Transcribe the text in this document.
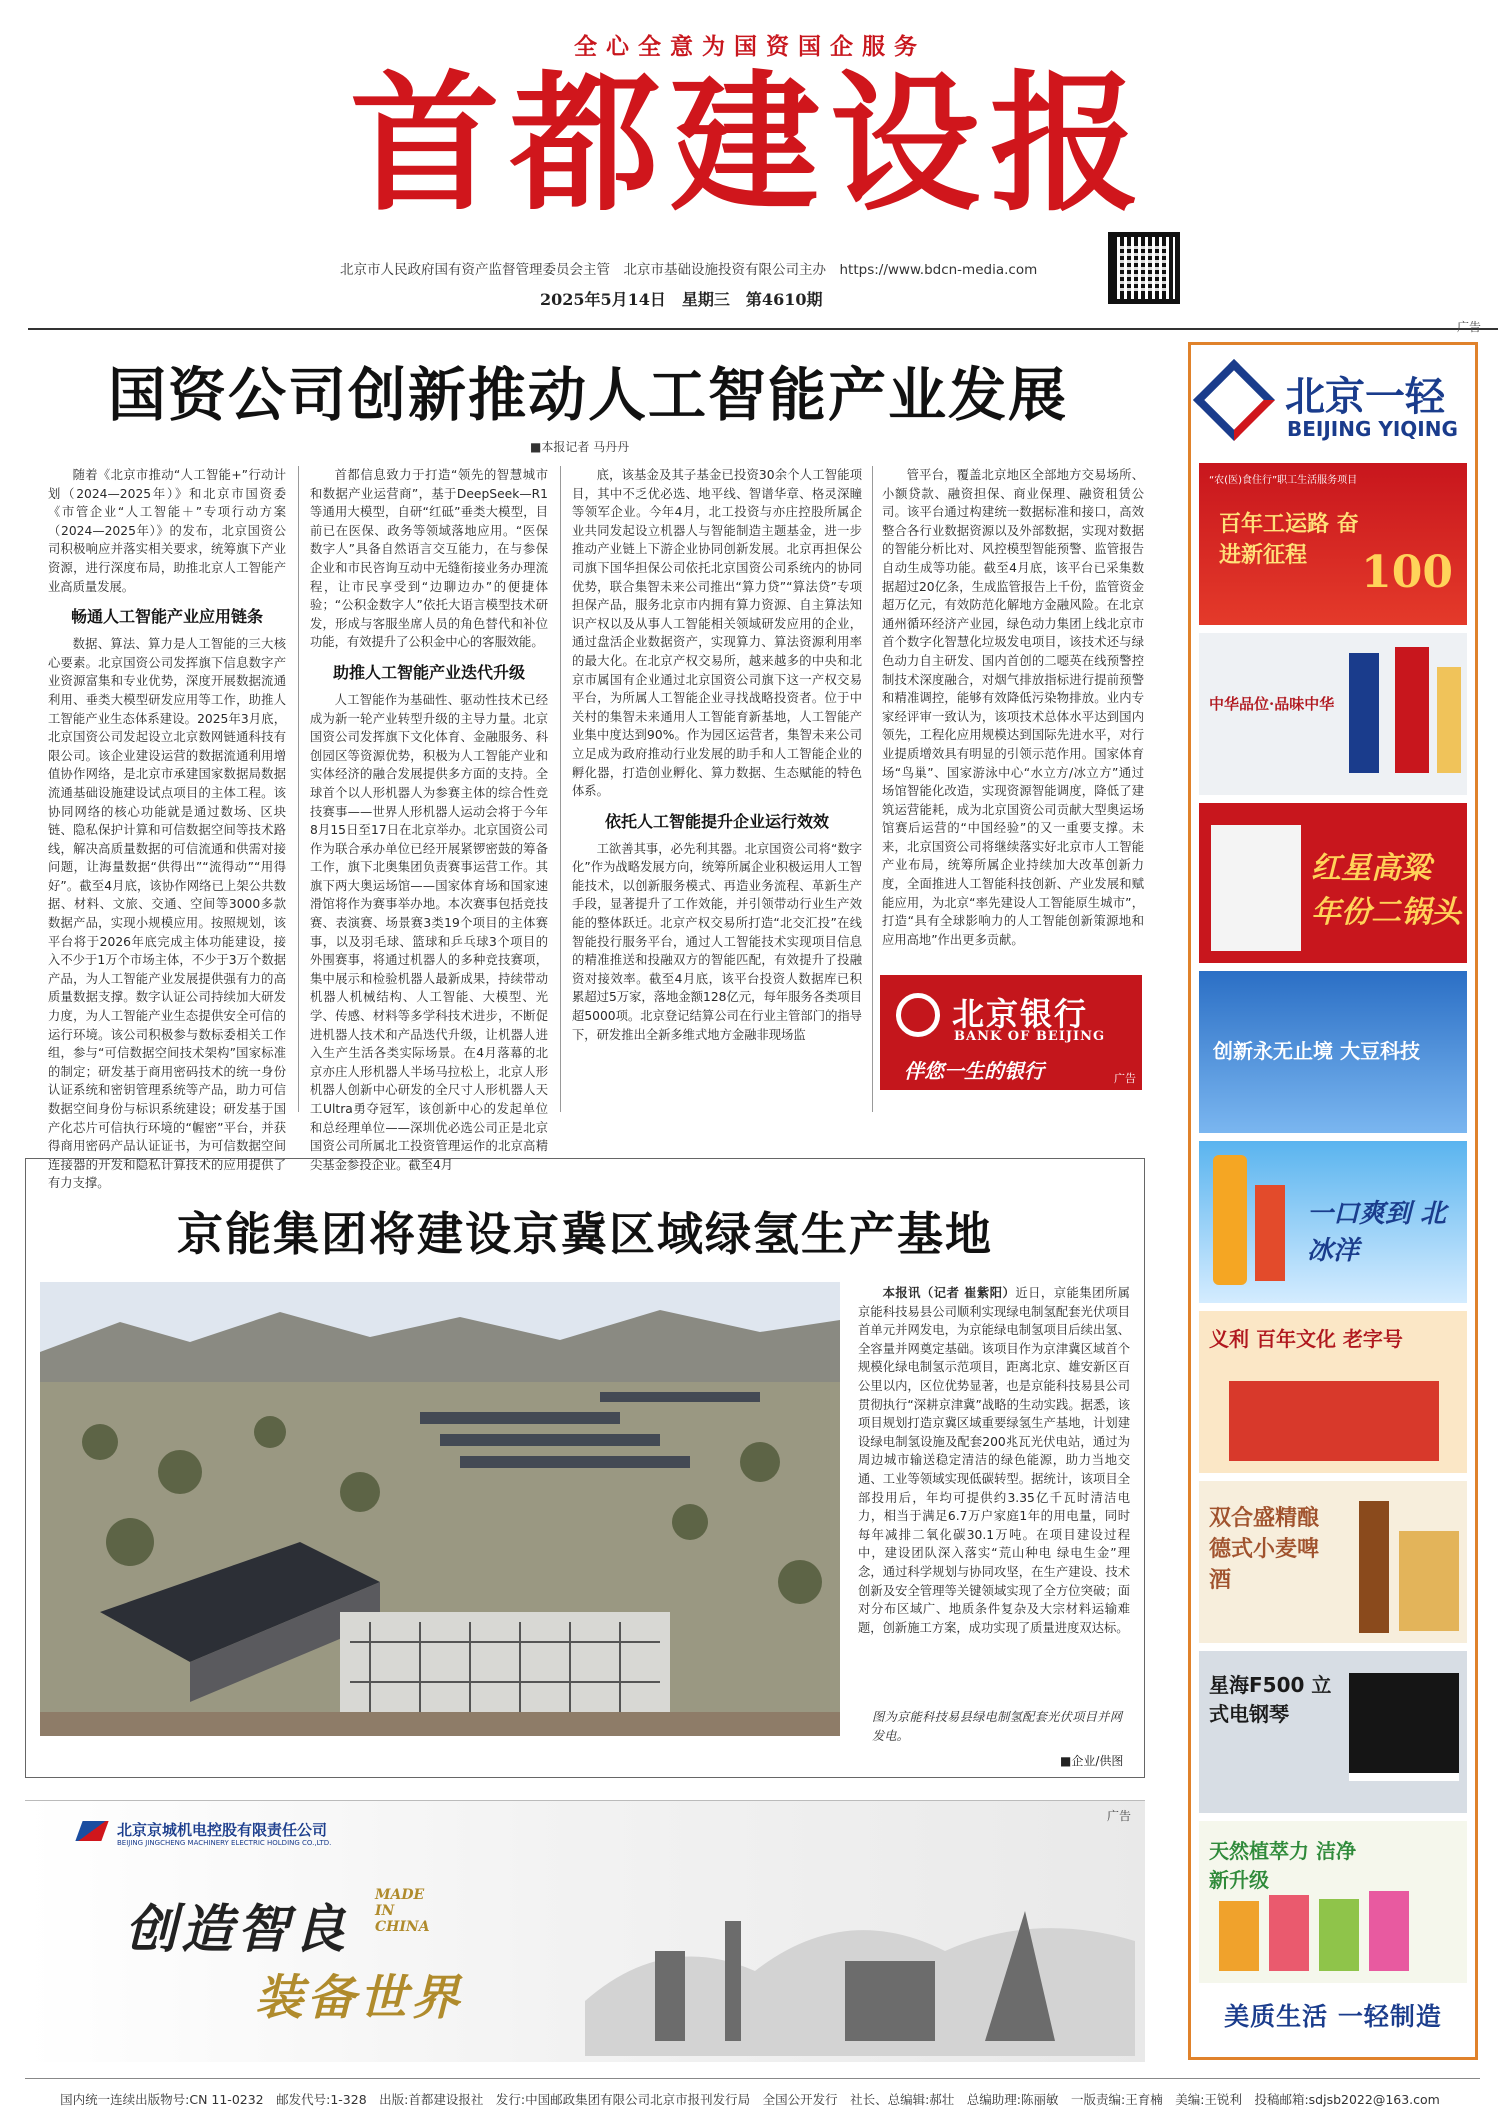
全心全意为国资国企服务
首都建设报
北京市人民政府国有资产监督管理委员会主管　北京市基础设施投资有限公司主办　https://www.bdcn-media.com
2025年5月14日　星期三　第4610期
广告
国资公司创新推动人工智能产业发展
■本报记者 马丹丹

随着《北京市推动“人工智能+”行动计划（2024—2025年）》和北京市国资委《市管企业“人工智能＋”专项行动方案（2024—2025年）》的发布，北京国资公司积极响应并落实相关要求，统筹旗下产业资源，进行深度布局，助推北京人工智能产业高质量发展。

畅通人工智能产业应用链条

数据、算法、算力是人工智能的三大核心要素。北京国资公司发挥旗下信息数字产业资源富集和专业优势，深度开展数据流通利用、垂类大模型研发应用等工作，助推人工智能产业生态体系建设。2025年3月底，北京国资公司发起设立北京数网链通科技有限公司。该企业建设运营的数据流通利用增值协作网络，是北京市承建国家数据局数据流通基础设施建设试点项目的主体工程。该协同网络的核心功能就是通过数场、区块链、隐私保护计算和可信数据空间等技术路线，解决高质量数据的可信流通和供需对接问题，让海量数据“供得出”“流得动”“用得好”。截至4月底，该协作网络已上架公共数据、材料、文旅、交通、空间等3000多款数据产品，实现小规模应用。按照规划，该平台将于2026年底完成主体功能建设，接入不少于1万个市场主体，不少于3万个数据产品，为人工智能产业发展提供强有力的高质量数据支撑。数字认证公司持续加大研发力度，为人工智能产业生态提供安全可信的运行环境。该公司积极参与数标委相关工作组，参与“可信数据空间技术架构”国家标准的制定；研发基于商用密码技术的统一身份认证系统和密钥管理系统等产品，助力可信数据空间身份与标识系统建设；研发基于国产化芯片可信执行环境的“幄密”平台，并获得商用密码产品认证证书，为可信数据空间连接器的开发和隐私计算技术的应用提供了有力支撑。

首都信息致力于打造“领先的智慧城市和数据产业运营商”，基于DeepSeek—R1等通用大模型，自研“红砥”垂类大模型，目前已在医保、政务等领域落地应用。“医保数字人”具备自然语言交互能力，在与参保企业和市民咨询互动中无缝衔接业务办理流程，让市民享受到“边聊边办”的便捷体验；“公积金数字人”依托大语言模型技术研发，形成与客服坐席人员的角色替代和补位功能，有效提升了公积金中心的客服效能。

助推人工智能产业迭代升级

人工智能作为基础性、驱动性技术已经成为新一轮产业转型升级的主导力量。北京国资公司发挥旗下文化体育、金融服务、科创园区等资源优势，积极为人工智能产业和实体经济的融合发展提供多方面的支持。全球首个以人形机器人为参赛主体的综合性竞技赛事——世界人形机器人运动会将于今年8月15日至17日在北京举办。北京国资公司作为联合承办单位已经开展紧锣密鼓的筹备工作，旗下北奥集团负责赛事运营工作。其旗下两大奥运场馆——国家体育场和国家速滑馆将作为赛事举办地。本次赛事包括竞技赛、表演赛、场景赛3类19个项目的主体赛事，以及羽毛球、篮球和乒乓球3个项目的外围赛事，将通过机器人的多种竞技赛项，集中展示和检验机器人最新成果，持续带动机器人机械结构、人工智能、大模型、光学、传感、材料等多学科技术进步，不断促进机器人技术和产品迭代升级，让机器人进入生产生活各类实际场景。在4月落幕的北京亦庄人形机器人半场马拉松上，北京人形机器人创新中心研发的全尺寸人形机器人天工Ultra勇夺冠军，该创新中心的发起单位和总经理单位——深圳优必选公司正是北京国资公司所属北工投资管理运作的北京高精尖基金参投企业。截至4月

底，该基金及其子基金已投资30余个人工智能项目，其中不乏优必选、地平线、智谱华章、格灵深瞳等领军企业。今年4月，北工投资与亦庄控股所属企业共同发起设立机器人与智能制造主题基金，进一步推动产业链上下游企业协同创新发展。北京再担保公司旗下国华担保公司依托北京国资公司系统内的协同优势，联合集智未来公司推出“算力贷”“算法贷”专项担保产品，服务北京市内拥有算力资源、自主算法知识产权以及从事人工智能相关领域研发应用的企业，通过盘活企业数据资产，实现算力、算法资源利用率的最大化。在北京产权交易所，越来越多的中央和北京市属国有企业通过北京国资公司旗下这一产权交易平台，为所属人工智能企业寻找战略投资者。位于中关村的集智未来通用人工智能育新基地，人工智能产业集中度达到90%。作为园区运营者，集智未来公司立足成为政府推动行业发展的助手和人工智能企业的孵化器，打造创业孵化、算力数据、生态赋能的特色体系。

依托人工智能提升企业运行效效

工欲善其事，必先利其器。北京国资公司将“数字化”作为战略发展方向，统筹所属企业积极运用人工智能技术，以创新服务模式、再造业务流程、革新生产手段，显著提升了工作效能，并引领带动行业生产效能的整体跃迁。北京产权交易所打造“北交汇投”在线智能投行服务平台，通过人工智能技术实现项目信息的精准推送和投融双方的智能匹配，有效提升了投融资对接效率。截至4月底，该平台投资人数据库已积累超过5万家，落地金额128亿元，每年服务各类项目超5000项。北京登记结算公司在行业主管部门的指导下，研发推出全新多维式地方金融非现场监

管平台，覆盖北京地区全部地方交易场所、小额贷款、融资担保、商业保理、融资租赁公司。该平台通过构建统一数据标准和接口，高效整合各行业数据资源以及外部数据，实现对数据的智能分析比对、风控模型智能预警、监管报告自动生成等功能。截至4月底，该平台已采集数据超过20亿条，生成监管报告上千份，监管资金超万亿元，有效防范化解地方金融风险。在北京通州循环经济产业园，绿色动力集团上线北京市首个数字化智慧化垃圾发电项目，该技术还与绿色动力自主研发、国内首创的二噁英在线预警控制技术深度融合，对烟气排放指标进行提前预警和精准调控，能够有效降低污染物排放。业内专家经评审一致认为，该项技术总体水平达到国内领先，工程化应用规模达到国际先进水平，对行业提质增效具有明显的引领示范作用。国家体育场“鸟巢”、国家游泳中心“水立方/冰立方”通过场馆智能化改造，实现资源智能调度，降低了建筑运营能耗，成为北京国资公司贡献大型奥运场馆赛后运营的“中国经验”的又一重要支撑。未来，北京国资公司将继续落实好北京市人工智能产业布局，统筹所属企业持续加大改革创新力度，全面推进人工智能科技创新、产业发展和赋能应用，为北京“率先建设人工智能原生城市”，打造“具有全球影响力的人工智能创新策源地和应用高地”作出更多贡献。

北京银行
BANK OF BEIJING
伴您一生的银行	广告
京能集团将建设京冀区域绿氢生产基地

本报讯（记者 崔紫阳）近日，京能集团所属京能科技易县公司顺利实现绿电制氢配套光伏项目首单元并网发电，为京能绿电制氢项目后续出氢、全容量并网奠定基础。该项目作为京津冀区域首个规模化绿电制氢示范项目，距离北京、雄安新区百公里以内，区位优势显著，也是京能科技易县公司贯彻执行“深耕京津冀”战略的生动实践。据悉，该项目规划打造京冀区域重要绿氢生产基地，计划建设绿电制氢设施及配套200兆瓦光伏电站，通过为周边城市输送稳定清洁的绿色能源，助力当地交通、工业等领域实现低碳转型。据统计，该项目全部投用后，年均可提供约3.35亿千瓦时清洁电力，相当于满足6.7万户家庭1年的用电量，同时每年减排二氧化碳30.1万吨。在项目建设过程中，建设团队深入落实“荒山种电 绿电生金”理念，通过科学规划与协同攻坚，在生产建设、技术创新及安全管理等关键领域实现了全方位突破；面对分布区域广、地质条件复杂及大宗材料运输难题，创新施工方案，成功实现了质量进度双达标。

图为京能科技易县绿电制氢配套光伏项目并网发电。
■企业/供图
广告
北京京城机电控股有限责任公司
BEIJING JINGCHENG MACHINERY ELECTRIC HOLDING CO.,LTD.
创造智良
装备世界
MADE IN CHINA
北京一轻
BEIJING YIQING
“农(医)食住行”职工生活服务项目
百年工运路 奋进新征程	100
中华品位·品味中华
红星高粱 年份二锅头
创新永无止境 大豆科技
一口爽到 北冰洋
义利 百年文化 老字号
双合盛精酿 德式小麦啤酒
星海F500 立式电钢琴
天然植萃力 洁净新升级
美质生活 一轻制造
国内统一连续出版物号:CN 11-0232　邮发代号:1-328　出版:首都建设报社　发行:中国邮政集团有限公司北京市报刊发行局　全国公开发行　社长、总编辑:郝壮　总编助理:陈丽敏　一版责编:王育楠　美编:王锐利　投稿邮箱:sdjsb2022@163.com
